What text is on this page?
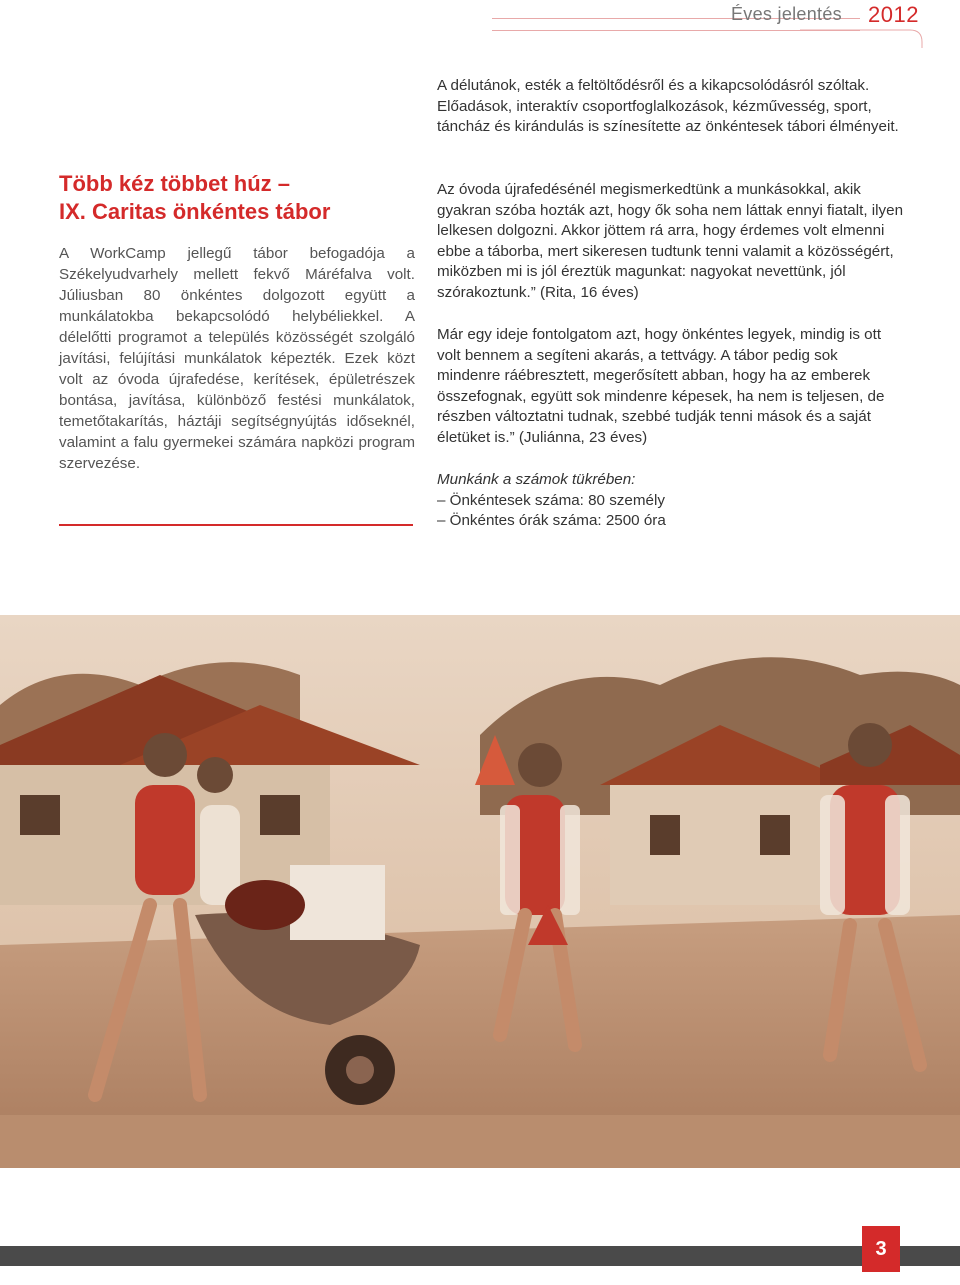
Éves jelentés 2012
Több kéz többet húz –
IX. Caritas önkéntes tábor

A WorkCamp jellegű tábor befogadója a Székelyudvarhely mellett fekvő Máréfalva volt. Júliusban 80 önkéntes dolgozott együtt a munkálatokba bekapcsolódó helybéliekkel. A délelőtti programot a település közösségét szolgáló javítási, felújítási munkálatok képezték. Ezek közt volt az óvoda újrafedése, kerítések, épületrészek bontása, javítása, különböző festési munkálatok, temetőtakarítás, háztáji segítségnyújtás időseknél, valamint a falu gyermekei számára napközi program szervezése.

A délutánok, esték a feltöltődésről és a kikapcsolódásról szóltak. Előadások, interaktív csoportfoglalkozások, kézművesség, sport, táncház és kirándulás is színesítette az önkéntesek tábori élményeit.

Az óvoda újrafedésénél megismerkedtünk a munkásokkal, akik gyakran szóba hozták azt, hogy ők soha nem láttak ennyi fiatalt, ilyen lelkesen dolgozni. Akkor jöttem rá arra, hogy érdemes volt elmenni ebbe a táborba, mert sikeresen tudtunk tenni valamit a közösségért, miközben mi is jól éreztük magunkat: nagyokat nevettünk, jól szórakoztunk.” (Rita, 16 éves)

Már egy ideje fontolgatom azt, hogy önkéntes legyek, mindig is ott volt bennem a segíteni akarás, a tettvágy. A tábor pedig sok mindenre ráébresztett, megerősített abban, hogy ha az emberek összefognak, együtt sok mindenre képesek, ha nem is teljesen, de részben változtatni tudnak, szebbé tudják tenni mások és a saját életüket is.” (Juliánna, 23 éves)

Munkánk a számok tükrében:
– Önkéntesek száma: 80 személy
– Önkéntes órák száma: 2500 óra
3
